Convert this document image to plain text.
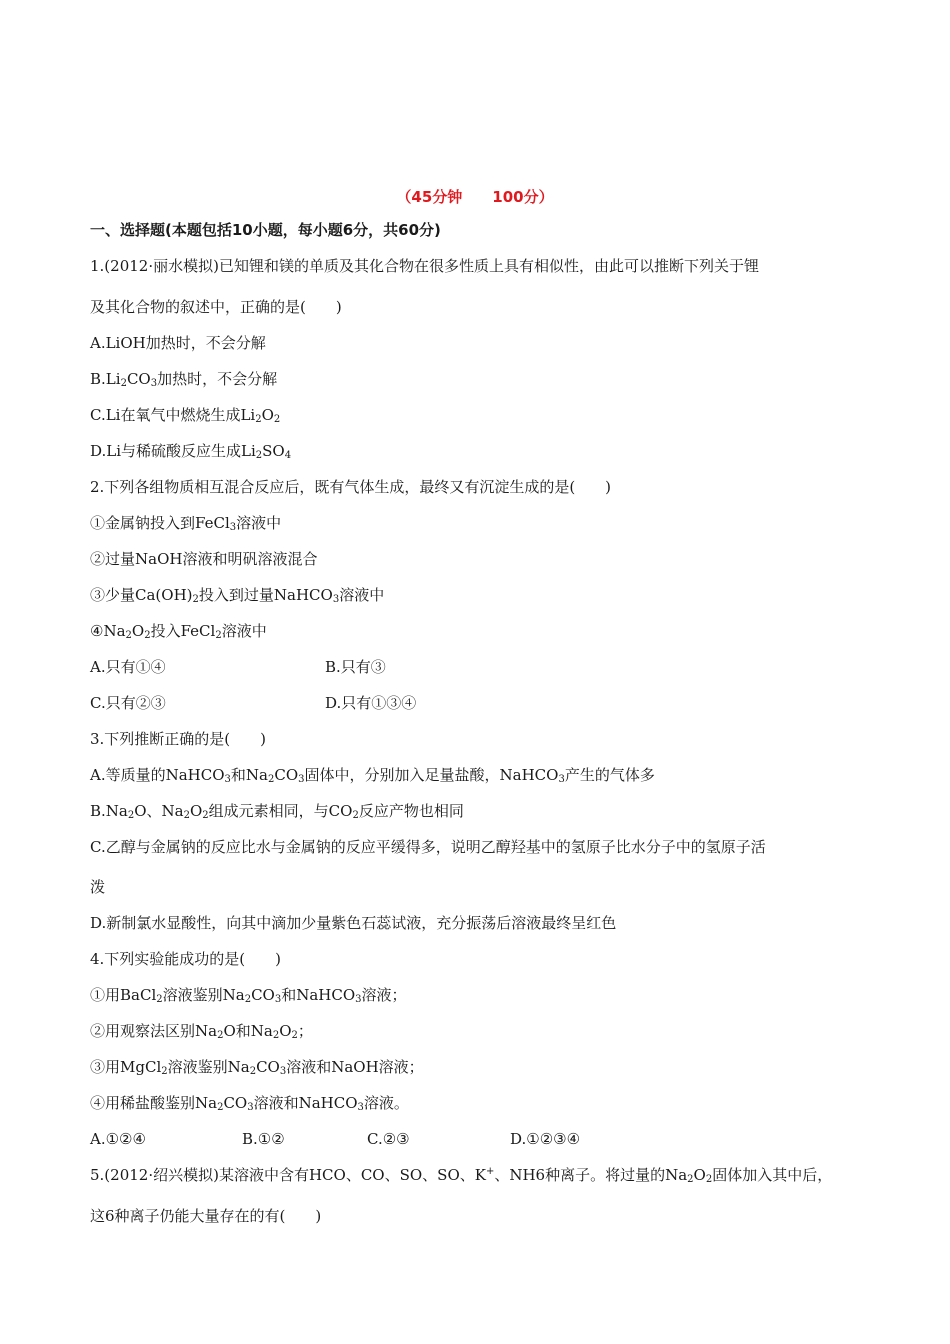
（45分钟　　100分）
一、选择题(本题包括10小题，每小题6分，共60分)
1.(2012·丽水模拟)已知锂和镁的单质及其化合物在很多性质上具有相似性，由此可以推断下列关于锂
及其化合物的叙述中，正确的是(　　)
A.LiOH加热时，不会分解
$B.Li_2CO_3$加热时，不会分解
C.Li在氧气中燃烧生成$Li_2O_2$
D.Li与稀硫酸反应生成$Li_2SO_4$
2.下列各组物质相互混合反应后，既有气体生成，最终又有沉淀生成的是(　　)
①金属钠投入到FeCl$_3$溶液中
②过量NaOH溶液和明矾溶液混合
③少量$Ca(OH)_2$投入到过量NaHCO$_3$溶液中
$④Na_2O_2$投入FeCl$_2$溶液中
A.只有①④	B.只有③
C.只有②③	D.只有①③④
3.下列推断正确的是(　　)
A.等质量的NaHCO$_3$和$Na_2CO_3$固体中，分别加入足量盐酸，NaHCO$_3$产生的气体多
$B.Na_2O$、$Na_2O_2$组成元素相同，与$CO_2$反应产物也相同
C.乙醇与金属钠的反应比水与金属钠的反应平缓得多，说明乙醇羟基中的氢原子比水分子中的氢原子活
泼
D.新制氯水显酸性，向其中滴加少量紫色石蕊试液，充分振荡后溶液最终呈红色
4.下列实验能成功的是(　　)
①用BaCl$_2$溶液鉴别$Na_2CO_3$和NaHCO$_3$溶液；
②用观察法区别$Na_2O$和$Na_2O_2$；
③用MgCl$_2$溶液鉴别$Na_2CO_3$溶液和NaOH溶液；
④用稀盐酸鉴别$Na_2CO_3$溶液和NaHCO$_3$溶液。
A.①②④	B.①②	C.②③	D.①②③④
5.(2012·绍兴模拟)某溶液中含有HCO、CO、SO、SO、K+、NH6种离子。将过量的$Na_2O_2$固体加入其中后，
这6种离子仍能大量存在的有(　　)
